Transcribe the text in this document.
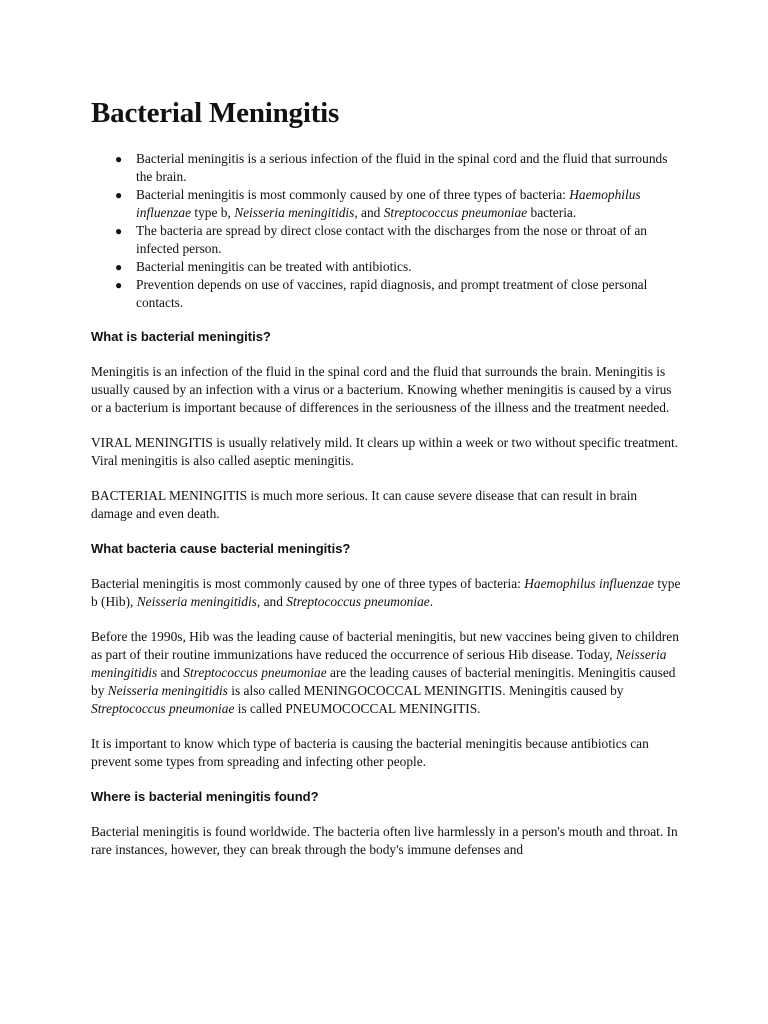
Bacterial Meningitis
● Bacterial meningitis is a serious infection of the fluid in the spinal cord and the fluid that surrounds the brain.
● Bacterial meningitis is most commonly caused by one of three types of bacteria: Haemophilus influenzae type b, Neisseria meningitidis, and Streptococcus pneumoniae bacteria.
● The bacteria are spread by direct close contact with the discharges from the nose or throat of an infected person.
● Bacterial meningitis can be treated with antibiotics.
● Prevention depends on use of vaccines, rapid diagnosis, and prompt treatment of close personal contacts.
What is bacterial meningitis?

Meningitis is an infection of the fluid in the spinal cord and the fluid that surrounds the brain. Meningitis is usually caused by an infection with a virus or a bacterium. Knowing whether meningitis is caused by a virus or a bacterium is important because of differences in the seriousness of the illness and the treatment needed.

VIRAL MENINGITIS is usually relatively mild. It clears up within a week or two without specific treatment. Viral meningitis is also called aseptic meningitis.

BACTERIAL MENINGITIS is much more serious. It can cause severe disease that can result in brain damage and even death.

What bacteria cause bacterial meningitis?

Bacterial meningitis is most commonly caused by one of three types of bacteria: Haemophilus influenzae type b (Hib), Neisseria meningitidis, and Streptococcus pneumoniae.

Before the 1990s, Hib was the leading cause of bacterial meningitis, but new vaccines being given to children as part of their routine immunizations have reduced the occurrence of serious Hib disease. Today, Neisseria meningitidis and Streptococcus pneumoniae are the leading causes of bacterial meningitis. Meningitis caused by Neisseria meningitidis is also called MENINGOCOCCAL MENINGITIS. Meningitis caused by Streptococcus pneumoniae is called PNEUMOCOCCAL MENINGITIS.

It is important to know which type of bacteria is causing the bacterial meningitis because antibiotics can prevent some types from spreading and infecting other people.

Where is bacterial meningitis found?

Bacterial meningitis is found worldwide. The bacteria often live harmlessly in a person's mouth and throat. In rare instances, however, they can break through the body's immune defenses and
